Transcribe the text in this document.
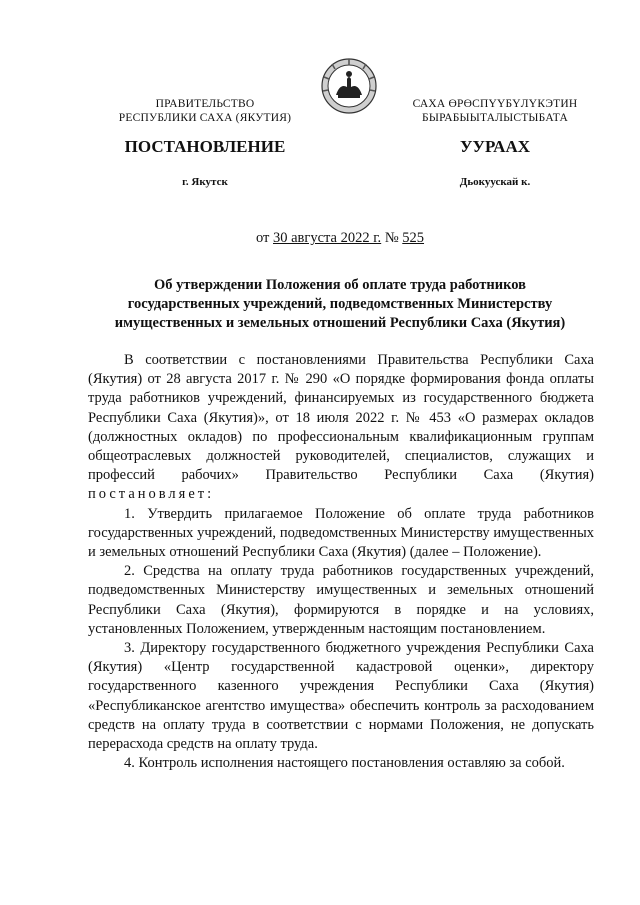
ПРАВИТЕЛЬСТВО
РЕСПУБЛИКИ САХА (ЯКУТИЯ)
САХА ӨРӨСПҮҮБҮЛҮКЭТИН
БЫРАБЫЫТАЛЫСТЫБАТА
ПОСТАНОВЛЕНИЕ	УУРААХ
г. Якутск	Дьокуускай к.
от 30 августа 2022 г. № 525
Об утверждении Положения об оплате труда работников
государственных учреждений, подведомственных Министерству
имущественных и земельных отношений Республики Саха (Якутия)

В соответствии с постановлениями Правительства Республики Саха (Якутия) от 28 августа 2017 г. № 290 «О порядке формирования фонда оплаты труда работников учреждений, финансируемых из государственного бюджета Республики Саха (Якутия)», от 18 июля 2022 г. № 453 «О размерах окладов (должностных окладов) по профессиональным квалификационным группам общеотраслевых должностей руководителей, специалистов, служащих и профессий рабочих» Правительство Республики Саха (Якутия) постановляет:

1. Утвердить прилагаемое Положение об оплате труда работников государственных учреждений, подведомственных Министерству имущественных и земельных отношений Республики Саха (Якутия) (далее – Положение).

2. Средства на оплату труда работников государственных учреждений, подведомственных Министерству имущественных и земельных отношений Республики Саха (Якутия), формируются в порядке и на условиях, установленных Положением, утвержденным настоящим постановлением.

3. Директору государственного бюджетного учреждения Республики Саха (Якутия) «Центр государственной кадастровой оценки», директору государственного казенного учреждения Республики Саха (Якутия) «Республиканское агентство имущества» обеспечить контроль за расходованием средств на оплату труда в соответствии с нормами Положения, не допускать перерасхода средств на оплату труда.

4. Контроль исполнения настоящего постановления оставляю за собой.
